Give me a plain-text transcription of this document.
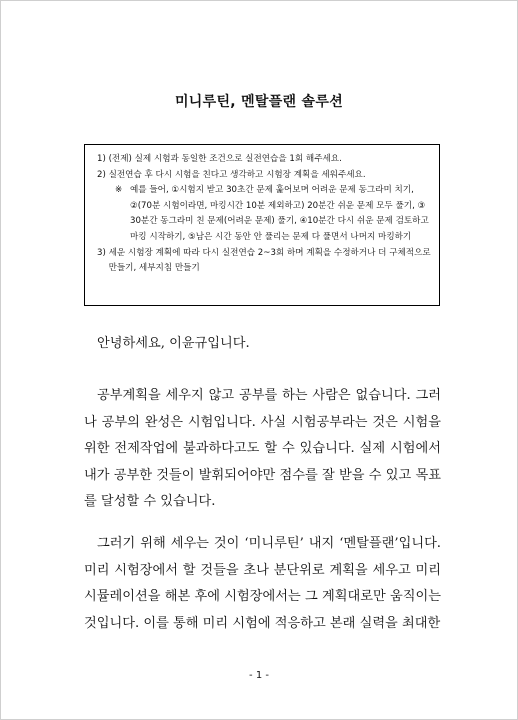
미니루틴, 멘탈플랜 솔루션
1)
(전제) 실제 시험과 동일한 조건으로 실전연습을 1회 해주세요.
2)
실전연습 후 다시 시험을 친다고 생각하고 시험장 계획을 세워주세요.
※ 예를 들어, ①시험지 받고 30초간 문제 훑어보며 어려운 문제 동그라미 치기, ②(70분 시험이라면, 마킹시간 10분 제외하고) 20분간 쉬운 문제 모두 풀기, ③ 30분간 동그라미 친 문제(어려운 문제) 풀기, ④10분간 다시 쉬운 문제 검토하고 마킹 시작하기, ⑤남은 시간 동안 안 풀리는 문제 다 풀면서 나머지 마킹하기
3)
세운 시험장 계획에 따라 다시 실전연습 2~3회 하며 계획을 수정하거나 더 구체적으로 만들기, 세부지침 만들기

안녕하세요, 이윤규입니다.

공부계획을 세우지 않고 공부를 하는 사람은 없습니다. 그러나 공부의 완성은 시험입니다. 사실 시험공부라는 것은 시험을 위한 전제작업에 불과하다고도 할 수 있습니다. 실제 시험에서 내가 공부한 것들이 발휘되어야만 점수를 잘 받을 수 있고 목표를 달성할 수 있습니다.

그러기 위해 세우는 것이 ‘미니루틴’ 내지 ‘멘탈플랜’입니다. 미리 시험장에서 할 것들을 초나 분단위로 계획을 세우고 미리 시뮬레이션을 해본 후에 시험장에서는 그 계획대로만 움직이는 것입니다. 이를 통해 미리 시험에 적응하고 본래 실력을 최대한

- 1 -
